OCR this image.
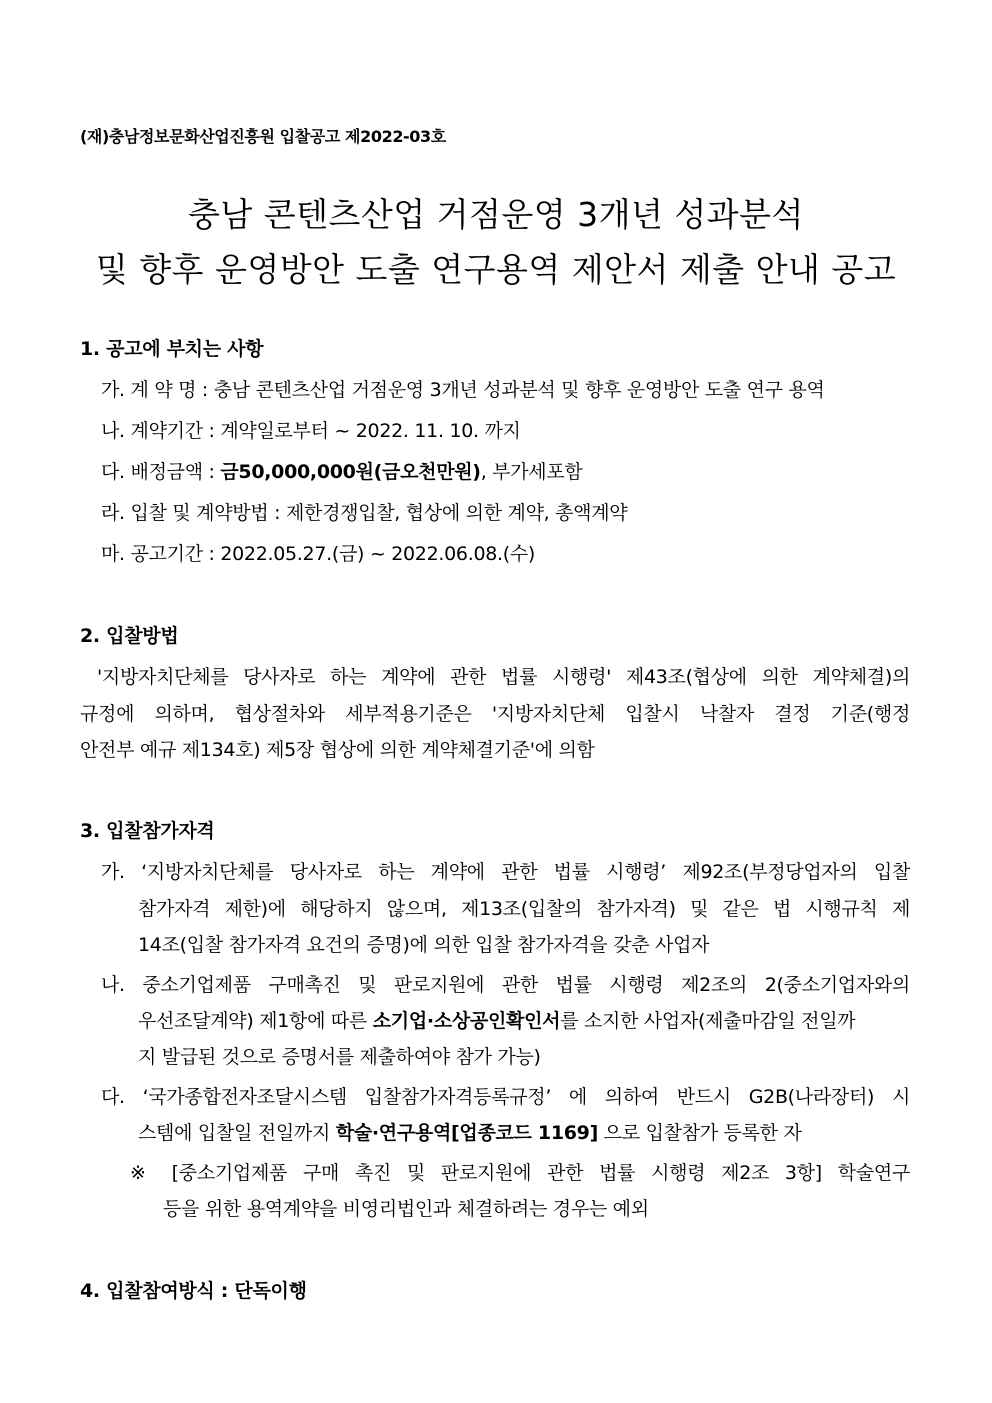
(재)충남정보문화산업진흥원 입찰공고 제2022-03호
충남 콘텐츠산업 거점운영 3개년 성과분석
및 향후 운영방안 도출 연구용역 제안서 제출 안내 공고
1. 공고에 부치는 사항
가. 계 약 명 : 충남 콘텐츠산업 거점운영 3개년 성과분석 및 향후 운영방안 도출 연구 용역
나. 계약기간 : 계약일로부터 ~ 2022. 11. 10. 까지
다. 배정금액 : 금50,000,000원(금오천만원), 부가세포함
라. 입찰 및 계약방법 : 제한경쟁입찰, 협상에 의한 계약, 총액계약
마. 공고기간 : 2022.05.27.(금) ~ 2022.06.08.(수)
2. 입찰방법
'지방자치단체를 당사자로 하는 계약에 관한 법률 시행령' 제43조(협상에 의한 계약체결)의
규정에 의하며, 협상절차와 세부적용기준은 '지방자치단체 입찰시 낙찰자 결정 기준(행정
안전부 예규 제134호) 제5장 협상에 의한 계약체결기준'에 의함
3. 입찰참가자격
가. ‘지방자치단체를 당사자로 하는 계약에 관한 법률 시행령’ 제92조(부정당업자의 입찰
참가자격 제한)에 해당하지 않으며, 제13조(입찰의 참가자격) 및 같은 법 시행규칙 제
14조(입찰 참가자격 요건의 증명)에 의한 입찰 참가자격을 갖춘 사업자
나. 중소기업제품 구매촉진 및 판로지원에 관한 법률 시행령 제2조의 2(중소기업자와의
우선조달계약) 제1항에 따른 소기업·소상공인확인서를 소지한 사업자(제출마감일 전일까
지 발급된 것으로 증명서를 제출하여야 참가 가능)
다. ‘국가종합전자조달시스템 입찰참가자격등록규정’ 에 의하여 반드시 G2B(나라장터) 시
스템에 입찰일 전일까지 학술·연구용역[업종코드 1169] 으로 입찰참가 등록한 자
※ [중소기업제품 구매 촉진 및 판로지원에 관한 법률 시행령 제2조 3항] 학술연구
등을 위한 용역계약을 비영리법인과 체결하려는 경우는 예외
4. 입찰참여방식 : 단독이행
